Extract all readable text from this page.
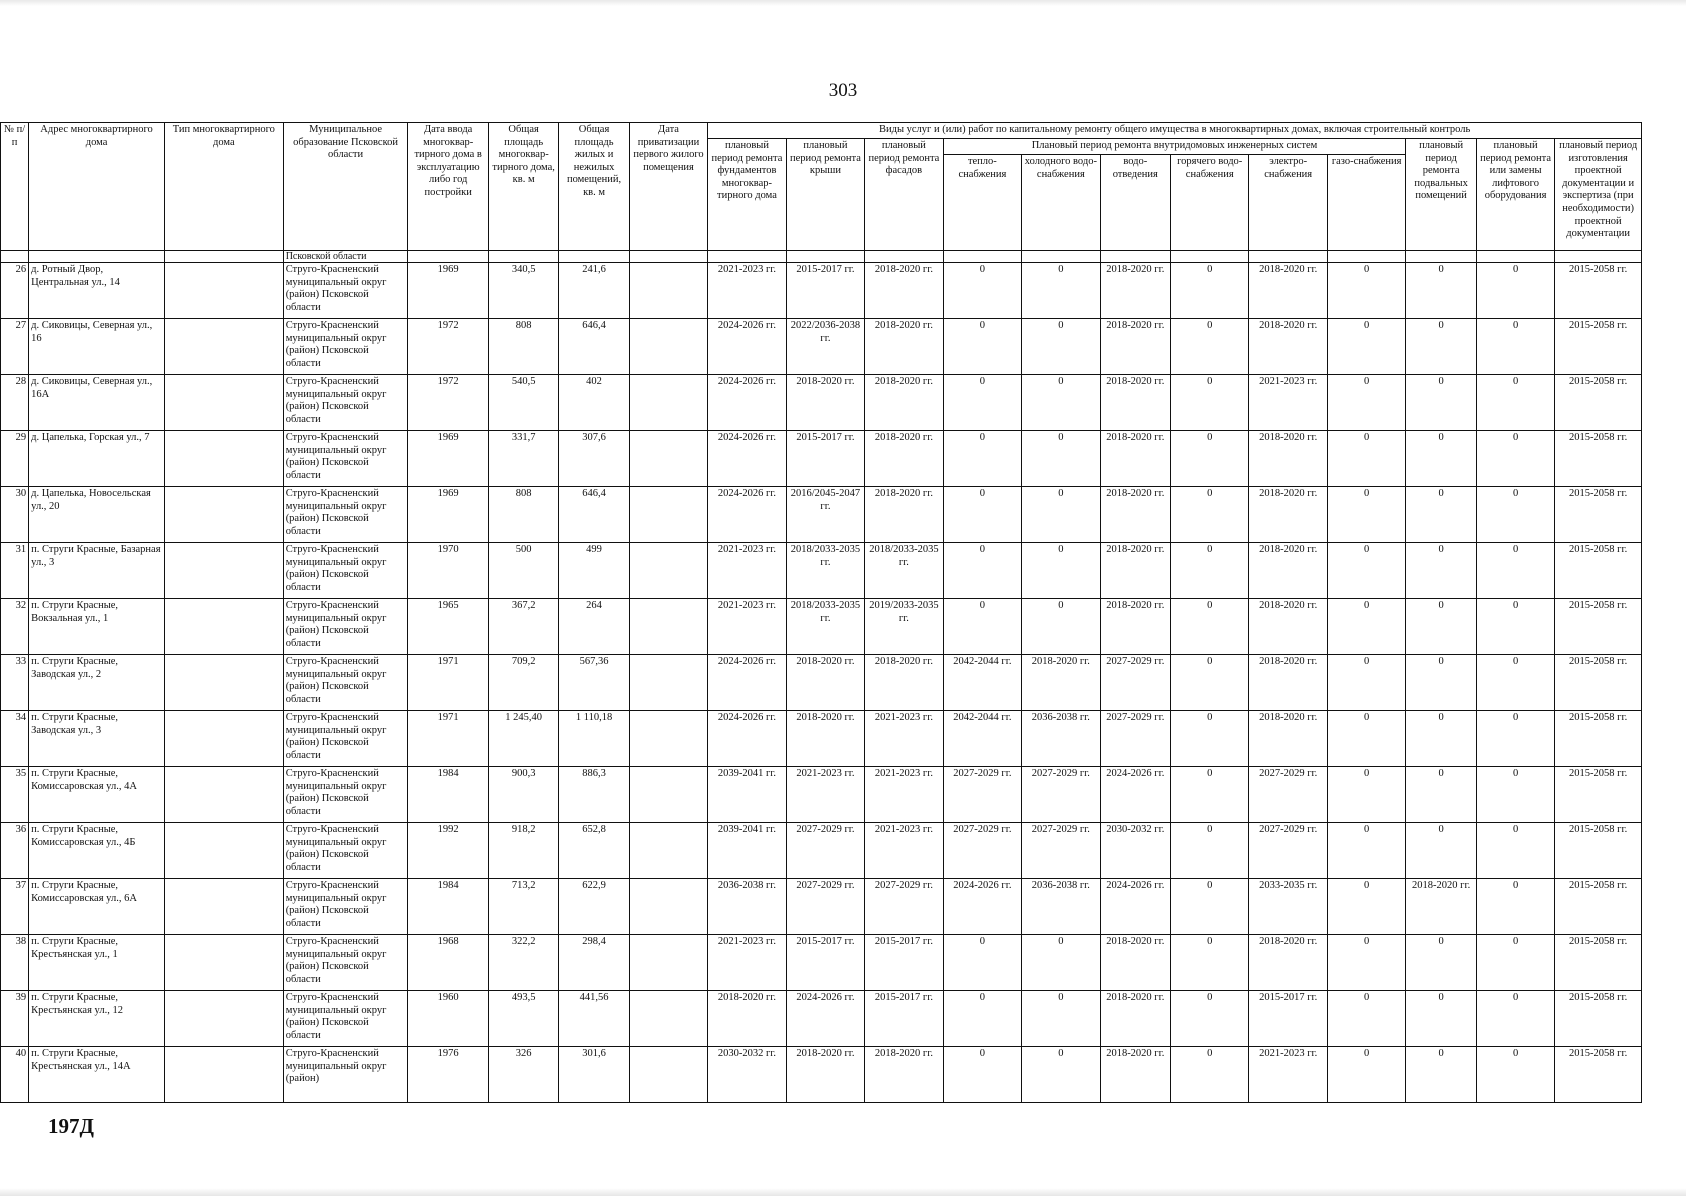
303
№ п/п	Адрес многоквартирного дома	Тип многоквартирного дома	Муниципальное образование Псковской области	Дата ввода многоквар-тирного дома в эксплуатацию либо год постройки	Общая площадь многоквар-тирного дома, кв. м	Общая площадь жилых и нежилых помещений, кв. м	Дата приватизации первого жилого помещения	Виды услуг и (или) работ по капитальному ремонту общего имущества в многоквартирных домах, включая строительный контроль											
								плановый период ремонта фундаментов многоквар-тирного дома	плановый период ремонта крыши	плановый период ремонта фасадов	Плановый период ремонта внутридомовых инженерных систем						плановый период ремонта подвальных помещений	плановый период ремонта или замены лифтового оборудования	плановый период изготовления проектной документации и экспертиза (при необходимости) проектной документации
											тепло-снабжения	холодного водо-снабжения	водо-отведения	горячего водо-снабжения	электро-снабжения	газо-снабжения			
			Псковской области																
26	д. Ротный Двор, Центральная ул., 14		Струго-Красненский муниципальный округ (район) Псковской области	1969	340,5	241,6		2021-2023 гг.	2015-2017 гг.	2018-2020 гг.	0	0	2018-2020 гг.	0	2018-2020 гг.	0	0	0	2015-2058 гг.
27	д. Сиковицы, Северная ул., 16		Струго-Красненский муниципальный округ (район) Псковской области	1972	808	646,4		2024-2026 гг.	2022/2036-2038 гг.	2018-2020 гг.	0	0	2018-2020 гг.	0	2018-2020 гг.	0	0	0	2015-2058 гг.
28	д. Сиковицы, Северная ул., 16А		Струго-Красненский муниципальный округ (район) Псковской области	1972	540,5	402		2024-2026 гг.	2018-2020 гг.	2018-2020 гг.	0	0	2018-2020 гг.	0	2021-2023 гг.	0	0	0	2015-2058 гг.
29	д. Цапелька, Горская ул., 7		Струго-Красненский муниципальный округ (район) Псковской области	1969	331,7	307,6		2024-2026 гг.	2015-2017 гг.	2018-2020 гг.	0	0	2018-2020 гг.	0	2018-2020 гг.	0	0	0	2015-2058 гг.
30	д. Цапелька, Новосельская ул., 20		Струго-Красненский муниципальный округ (район) Псковской области	1969	808	646,4		2024-2026 гг.	2016/2045-2047 гг.	2018-2020 гг.	0	0	2018-2020 гг.	0	2018-2020 гг.	0	0	0	2015-2058 гг.
31	п. Струги Красные, Базарная ул., 3		Струго-Красненский муниципальный округ (район) Псковской области	1970	500	499		2021-2023 гг.	2018/2033-2035 гг.	2018/2033-2035 гг.	0	0	2018-2020 гг.	0	2018-2020 гг.	0	0	0	2015-2058 гг.
32	п. Струги Красные, Вокзальная ул., 1		Струго-Красненский муниципальный округ (район) Псковской области	1965	367,2	264		2021-2023 гг.	2018/2033-2035 гг.	2019/2033-2035 гг.	0	0	2018-2020 гг.	0	2018-2020 гг.	0	0	0	2015-2058 гг.
33	п. Струги Красные, Заводская ул., 2		Струго-Красненский муниципальный округ (район) Псковской области	1971	709,2	567,36		2024-2026 гг.	2018-2020 гг.	2018-2020 гг.	2042-2044 гг.	2018-2020 гг.	2027-2029 гг.	0	2018-2020 гг.	0	0	0	2015-2058 гг.
34	п. Струги Красные, Заводская ул., 3		Струго-Красненский муниципальный округ (район) Псковской области	1971	1 245,40	1 110,18		2024-2026 гг.	2018-2020 гг.	2021-2023 гг.	2042-2044 гг.	2036-2038 гг.	2027-2029 гг.	0	2018-2020 гг.	0	0	0	2015-2058 гг.
35	п. Струги Красные, Комиссаровская ул., 4А		Струго-Красненский муниципальный округ (район) Псковской области	1984	900,3	886,3		2039-2041 гг.	2021-2023 гг.	2021-2023 гг.	2027-2029 гг.	2027-2029 гг.	2024-2026 гг.	0	2027-2029 гг.	0	0	0	2015-2058 гг.
36	п. Струги Красные, Комиссаровская ул., 4Б		Струго-Красненский муниципальный округ (район) Псковской области	1992	918,2	652,8		2039-2041 гг.	2027-2029 гг.	2021-2023 гг.	2027-2029 гг.	2027-2029 гг.	2030-2032 гг.	0	2027-2029 гг.	0	0	0	2015-2058 гг.
37	п. Струги Красные, Комиссаровская ул., 6А		Струго-Красненский муниципальный округ (район) Псковской области	1984	713,2	622,9		2036-2038 гг.	2027-2029 гг.	2027-2029 гг.	2024-2026 гг.	2036-2038 гг.	2024-2026 гг.	0	2033-2035 гг.	0	2018-2020 гг.	0	2015-2058 гг.
38	п. Струги Красные, Крестьянская ул., 1		Струго-Красненский муниципальный округ (район) Псковской области	1968	322,2	298,4		2021-2023 гг.	2015-2017 гг.	2015-2017 гг.	0	0	2018-2020 гг.	0	2018-2020 гг.	0	0	0	2015-2058 гг.
39	п. Струги Красные, Крестьянская ул., 12		Струго-Красненский муниципальный округ (район) Псковской области	1960	493,5	441,56		2018-2020 гг.	2024-2026 гг.	2015-2017 гг.	0	0	2018-2020 гг.	0	2015-2017 гг.	0	0	0	2015-2058 гг.
40	п. Струги Красные, Крестьянская ул., 14А		Струго-Красненский муниципальный округ (район)	1976	326	301,6		2030-2032 гг.	2018-2020 гг.	2018-2020 гг.	0	0	2018-2020 гг.	0	2021-2023 гг.	0	0	0	2015-2058 гг.
197Д
